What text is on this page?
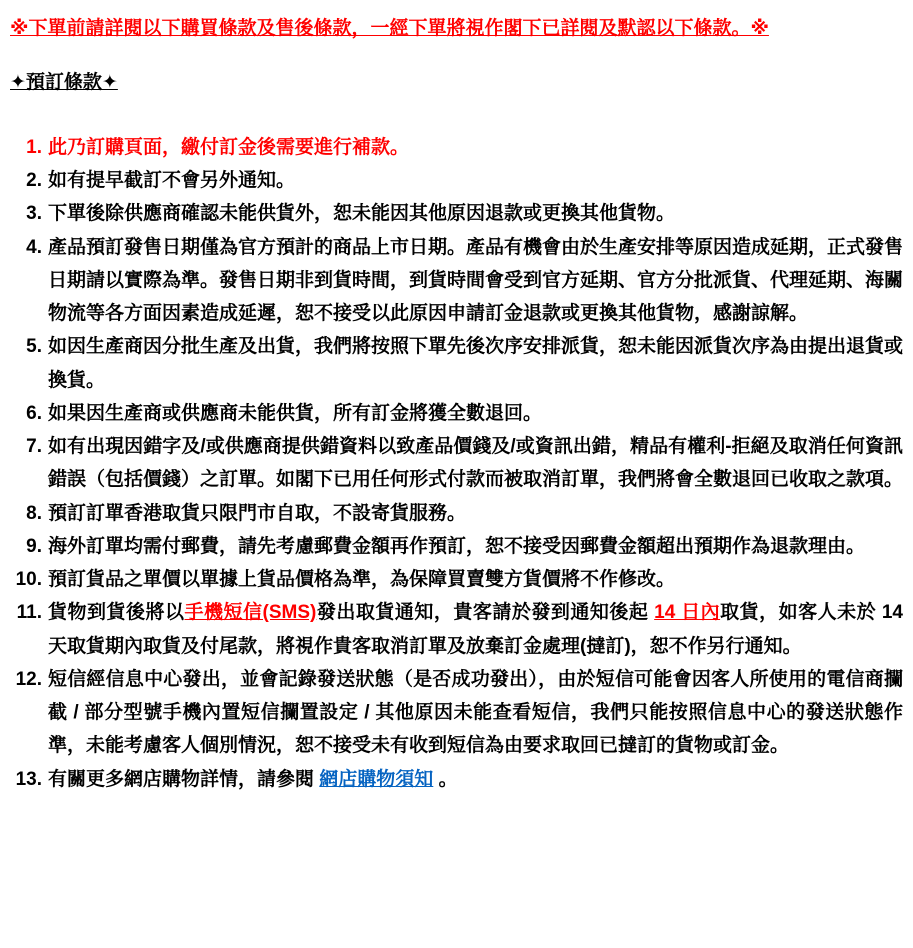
※下單前請詳閱以下購買條款及售後條款，一經下單將視作閣下已詳閱及默認以下條款。※
✦預訂條款✦
1. 此乃訂購頁面，繳付訂金後需要進行補款。
2. 如有提早截訂不會另外通知。
3. 下單後除供應商確認未能供貨外，恕未能因其他原因退款或更換其他貨物。
4. 產品預訂發售日期僅為官方預計的商品上市日期。產品有機會由於生產安排等原因造成延期，正式發售日期請以實際為準。發售日期非到貨時間，到貨時間會受到官方延期、官方分批派貨、代理延期、海關物流等各方面因素造成延遲，恕不接受以此原因申請訂金退款或更換其他貨物，感謝諒解。
5. 如因生產商因分批生產及出貨，我們將按照下單先後次序安排派貨，恕未能因派貨次序為由提出退貨或換貨。
6. 如果因生產商或供應商未能供貨，所有訂金將獲全數退回。
7. 如有出現因錯字及/或供應商提供錯資料以致產品價錢及/或資訊出錯，精品有權利-拒絕及取消任何資訊錯誤（包括價錢）之訂單。如閣下已用任何形式付款而被取消訂單，我們將會全數退回已收取之款項。
8. 預訂訂單香港取貨只限門市自取，不設寄貨服務。
9. 海外訂單均需付郵費，請先考慮郵費金額再作預訂，恕不接受因郵費金額超出預期作為退款理由。
10. 預訂貨品之單價以單據上貨品價格為準，為保障買賣雙方貨價將不作修改。
11. 貨物到貨後將以手機短信(SMS)發出取貨通知，貴客請於發到通知後起 14 日內取貨，如客人未於 14 天取貨期內取貨及付尾款，將視作貴客取消訂單及放棄訂金處理(撻訂)，恕不作另行通知。
12. 短信經信息中心發出，並會記錄發送狀態（是否成功發出），由於短信可能會因客人所使用的電信商攔截 / 部分型號手機內置短信攔置設定 / 其他原因未能查看短信，我們只能按照信息中心的發送狀態作準，未能考慮客人個別情況，恕不接受未有收到短信為由要求取回已撻訂的貨物或訂金。
13. 有關更多網店購物詳情，請參閱 網店購物須知 。
